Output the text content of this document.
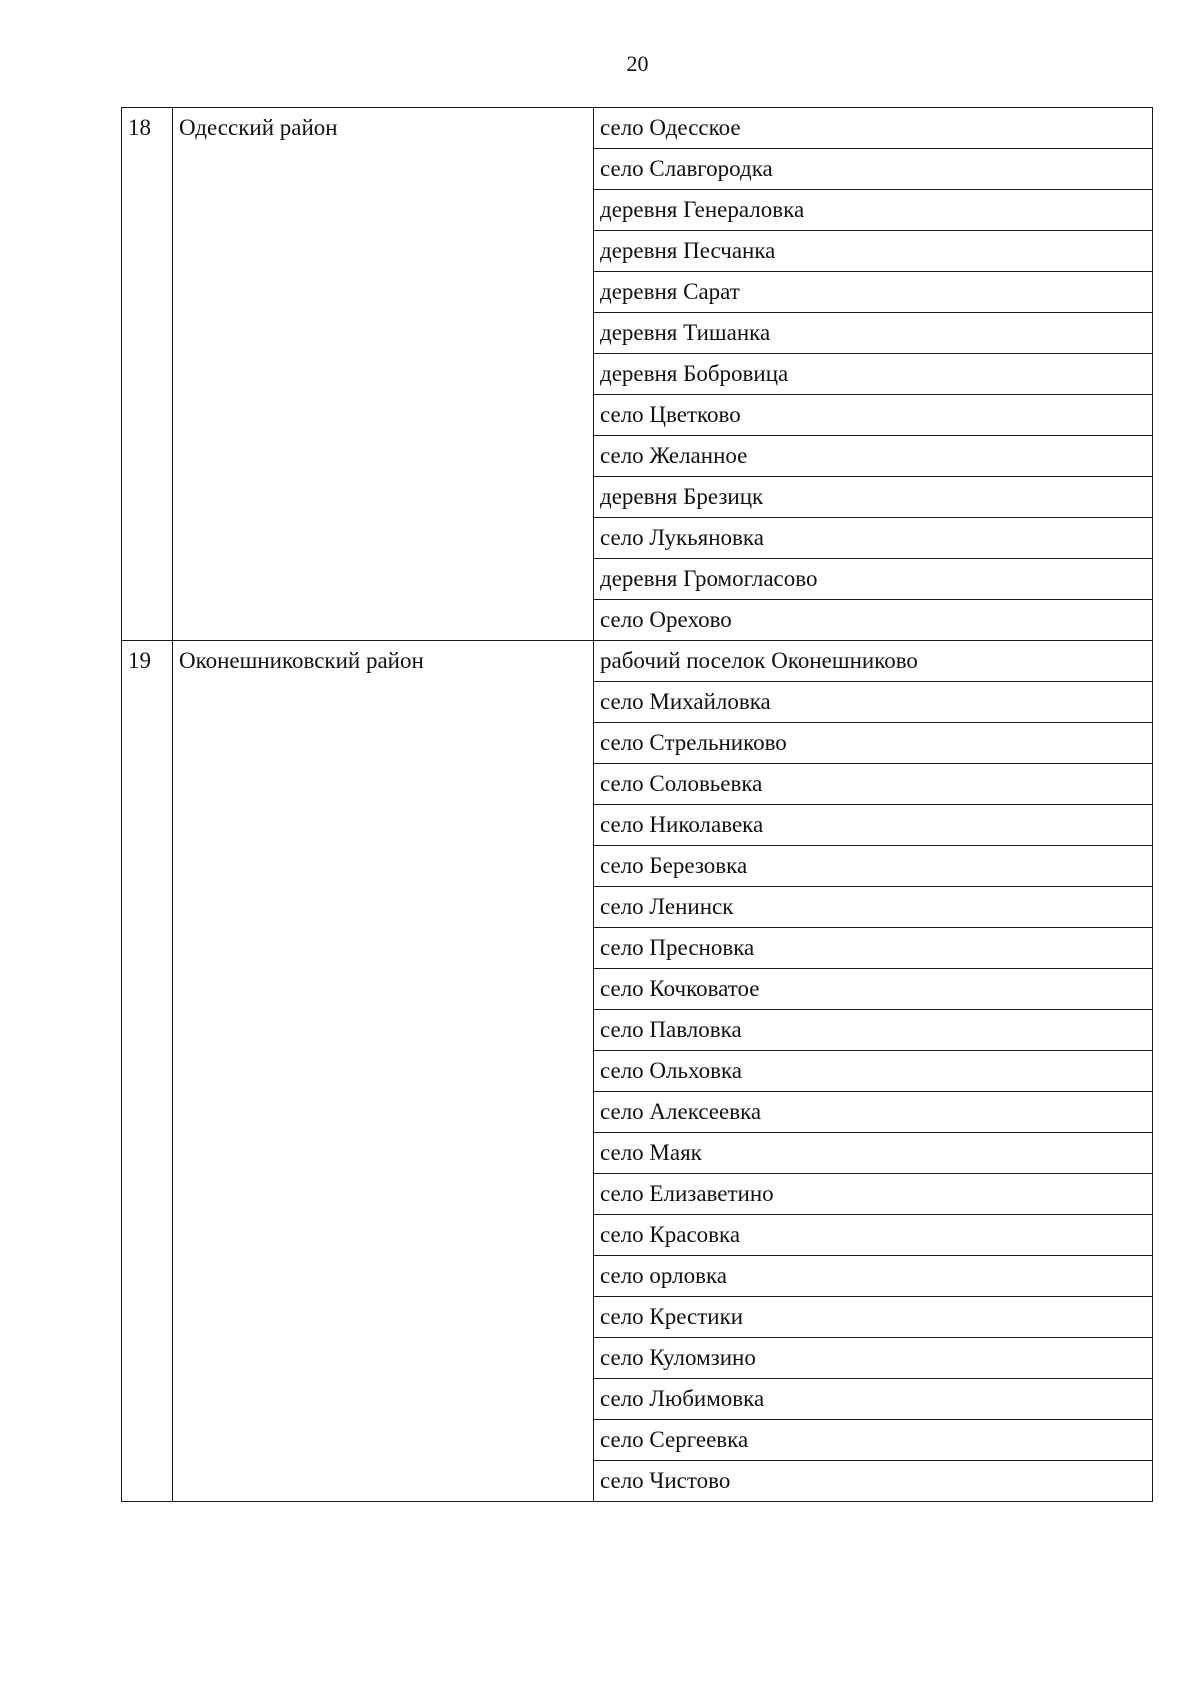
20
18	Одесский район	село Одесское
		село Славгородка
		деревня Генераловка
		деревня Песчанка
		деревня Сарат
		деревня Тишанка
		деревня Бобровица
		село Цветково
		село Желанное
		деревня Брезицк
		село Лукьяновка
		деревня Громогласово
		село Орехово
19	Оконешниковский район	рабочий поселок Оконешниково
		село Михайловка
		село Стрельниково
		село Соловьевка
		село Николавека
		село Березовка
		село Ленинск
		село Пресновка
		село Кочковатое
		село Павловка
		село Ольховка
		село Алексеевка
		село Маяк
		село Елизаветино
		село Красовка
		село орловка
		село Крестики
		село Куломзино
		село Любимовка
		село Сергеевка
		село Чистово
